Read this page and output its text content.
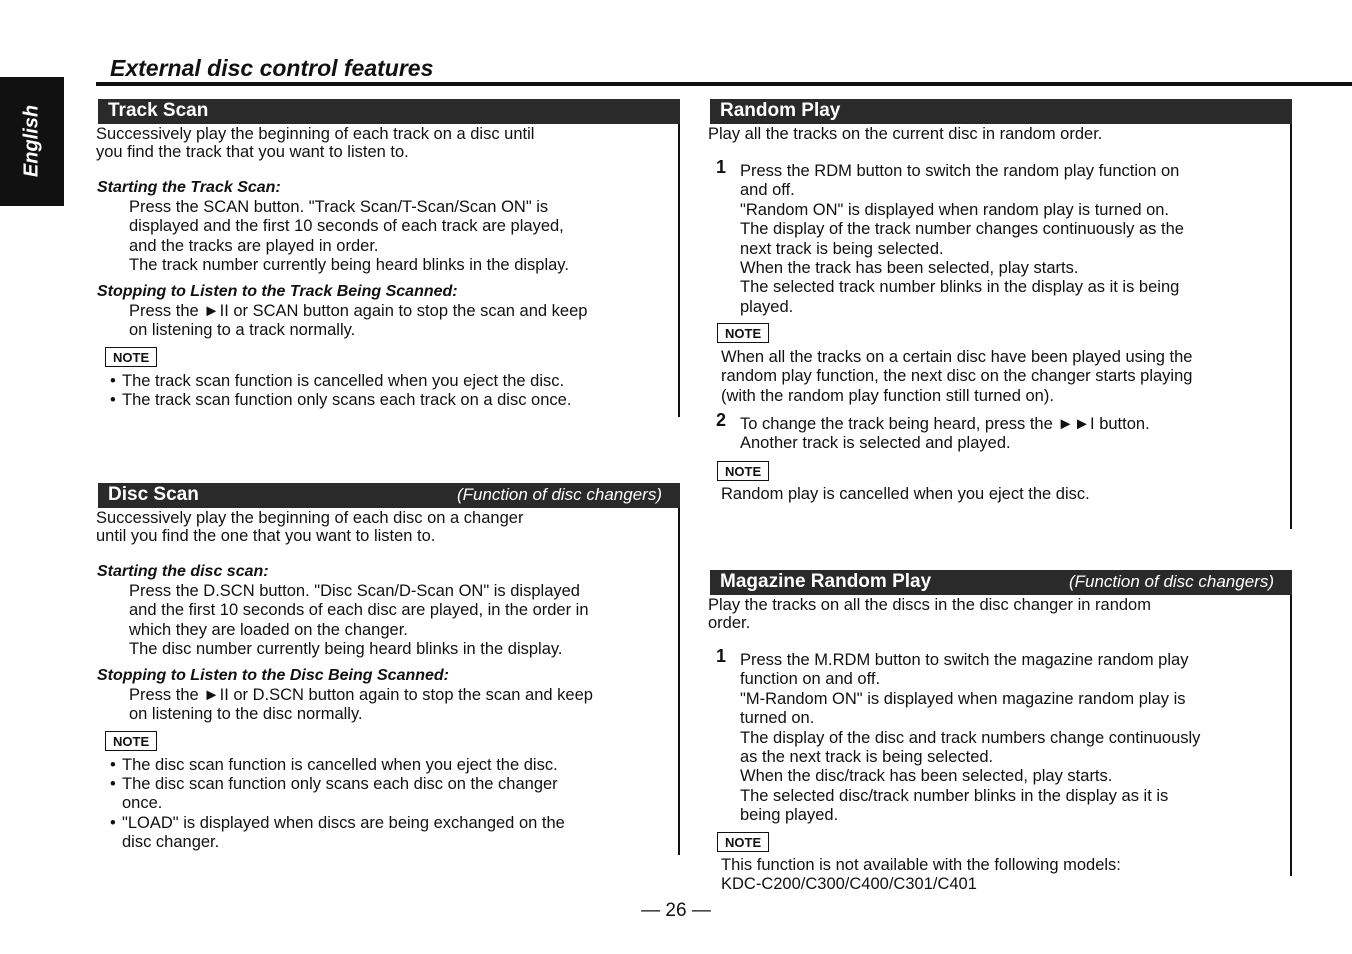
English
External disc control features
Track Scan

Successively play the beginning of each track on a disc until
you find the track that you want to listen to.

Starting the Track Scan:

Press the SCAN button. "Track Scan/T-Scan/Scan ON" is
displayed and the first 10 seconds of each track are played,
and the tracks are played in order.
The track number currently being heard blinks in the display.

Stopping to Listen to the Track Being Scanned:

Press the ►II or SCAN button again to stop the scan and keep
on listening to a track normally.

NOTE

• The track scan function is cancelled when you eject the disc.

• The track scan function only scans each track on a disc once.

Disc Scan	(Function of disc changers)

Successively play the beginning of each disc on a changer
until you find the one that you want to listen to.

Starting the disc scan:

Press the D.SCN button. "Disc Scan/D-Scan ON" is displayed
and the first 10 seconds of each disc are played, in the order in
which they are loaded on the changer.
The disc number currently being heard blinks in the display.

Stopping to Listen to the Disc Being Scanned:

Press the ►II or D.SCN button again to stop the scan and keep
on listening to the disc normally.

NOTE

• The disc scan function is cancelled when you eject the disc.

• The disc scan function only scans each disc on the changer
once.

• "LOAD" is displayed when discs are being exchanged on the
disc changer.

Random Play

Play all the tracks on the current disc in random order.

1 Press the RDM button to switch the random play function on
and off.
"Random ON" is displayed when random play is turned on.
The display of the track number changes continuously as the
next track is being selected.
When the track has been selected, play starts.
The selected track number blinks in the display as it is being
played.

NOTE

When all the tracks on a certain disc have been played using the
random play function, the next disc on the changer starts playing
(with the random play function still turned on).

2 To change the track being heard, press the ►►I button.
Another track is selected and played.

NOTE

Random play is cancelled when you eject the disc.

Magazine Random Play	(Function of disc changers)

Play the tracks on all the discs in the disc changer in random
order.

1 Press the M.RDM button to switch the magazine random play
function on and off.
"M-Random ON" is displayed when magazine random play is
turned on.
The display of the disc and track numbers change continuously
as the next track is being selected.
When the disc/track has been selected, play starts.
The selected disc/track number blinks in the display as it is
being played.

NOTE

This function is not available with the following models:
KDC-C200/C300/C400/C301/C401

— 26 —
